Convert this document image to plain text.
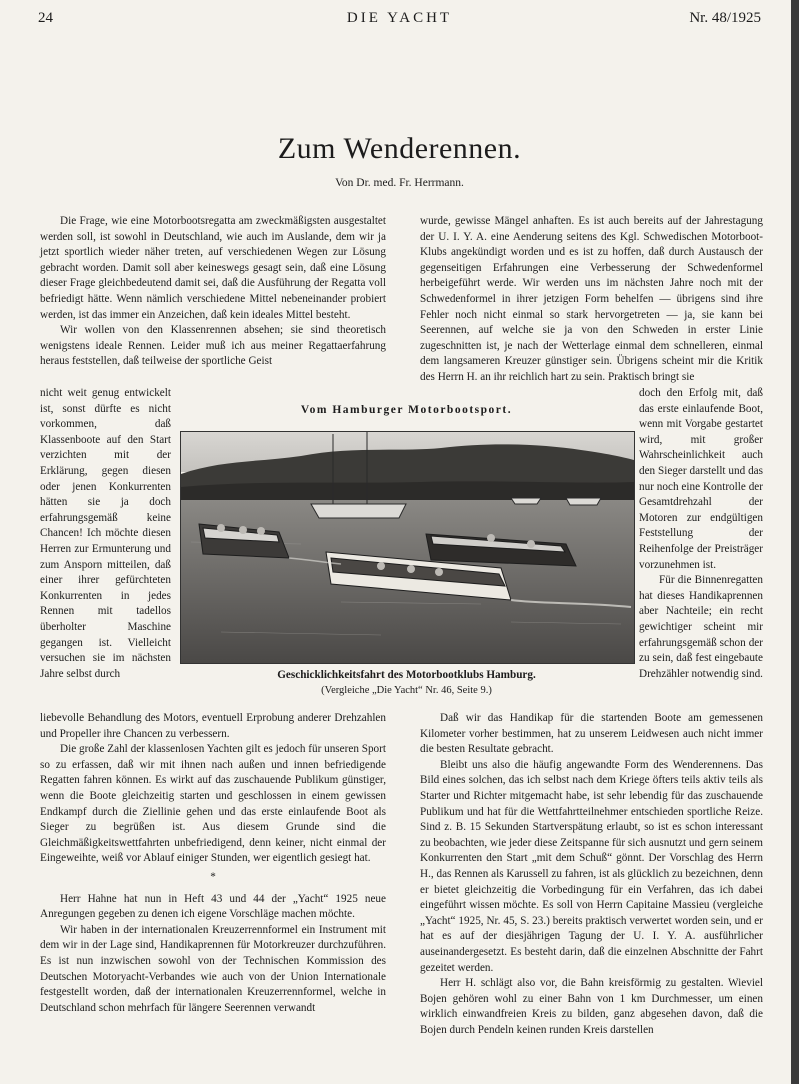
24	DIE YACHT	Nr. 48/1925
Zum Wenderennen.
Von Dr. med. Fr. Herrmann.

Die Frage, wie eine Motorbootsregatta am zweckmäßigsten ausgestaltet werden soll, ist sowohl in Deutschland, wie auch im Auslande, dem wir ja jetzt sportlich wieder näher treten, auf verschiedenen Wegen zur Lösung gebracht worden. Damit soll aber keineswegs gesagt sein, daß eine Lösung dieser Frage gleichbedeutend damit sei, daß die Ausführung der Regatta voll befriedigt hätte. Wenn nämlich verschiedene Mittel nebeneinander probiert werden, ist das immer ein Anzeichen, daß kein ideales Mittel besteht.

Wir wollen von den Klassenrennen absehen; sie sind theoretisch wenigstens ideale Rennen. Leider muß ich aus meiner Regattaerfahrung heraus feststellen, daß teilweise der sportliche Geist

nicht weit genug entwickelt ist, sonst dürfte es nicht vorkommen, daß Klassenboote auf den Start verzichten mit der Erklärung, gegen diesen oder jenen Konkurrenten hätten sie ja doch erfahrungsgemäß keine Chancen! Ich möchte diesen Herren zur Ermunterung und zum Ansporn mitteilen, daß einer ihrer gefürchteten Konkurrenten in jedes Rennen mit tadellos überholter Maschine gegangen ist. Vielleicht versuchen sie im nächsten Jahre selbst durch

liebevolle Behandlung des Motors, eventuell Erprobung anderer Drehzahlen und Propeller ihre Chancen zu verbessern.

Die große Zahl der klassenlosen Yachten gilt es jedoch für unseren Sport so zu erfassen, daß wir mit ihnen nach außen und innen befriedigende Regatten fahren können. Es wirkt auf das zuschauende Publikum günstiger, wenn die Boote gleichzeitig starten und geschlossen in einem gewissen Endkampf durch die Ziellinie gehen und das erste einlaufende Boot als Sieger zu begrüßen ist. Aus diesem Grunde sind die Gleichmäßigkeitswettfahrten unbefriedigend, denn keiner, nicht einmal der Eingeweihte, weiß vor Ablauf einiger Stunden, wer eigentlich gesiegt hat.

*

Herr Hahne hat nun in Heft 43 und 44 der „Yacht“ 1925 neue Anregungen gegeben zu denen ich eigene Vorschläge machen möchte.

Wir haben in der internationalen Kreuzerrennformel ein Instrument mit dem wir in der Lage sind, Handikaprennen für Motorkreuzer durchzuführen. Es ist nun inzwischen sowohl von der Technischen Kommission des Deutschen Motoryacht-Verbandes wie auch von der Union Internationale festgestellt worden, daß der internationalen Kreuzerrennformel, welche in Deutschland schon mehrfach für längere Seerennen verwandt

wurde, gewisse Mängel anhaften. Es ist auch bereits auf der Jahrestagung der U. I. Y. A. eine Aenderung seitens des Kgl. Schwedischen Motorboot-Klubs angekündigt worden und es ist zu hoffen, daß durch Austausch der gegenseitigen Erfahrungen eine Verbesserung der Schwedenformel herbeigeführt werde. Wir werden uns im nächsten Jahre noch mit der Schwedenformel in ihrer jetzigen Form behelfen — übrigens sind ihre Fehler noch nicht einmal so stark hervorgetreten — ja, sie kann bei Seerennen, auf welche sie ja von den Schweden in erster Linie zugeschnitten ist, je nach der Wetterlage einmal dem schnelleren, einmal dem langsameren Kreuzer günstiger sein. Übrigens scheint mir die Kritik des Herrn H. an ihr reichlich hart zu sein. Praktisch bringt sie

doch den Erfolg mit, daß das erste einlaufende Boot, wenn mit Vorgabe gestartet wird, mit großer Wahrscheinlichkeit auch den Sieger darstellt und das nur noch eine Kontrolle der Gesamtdrehzahl der Motoren zur endgültigen Feststellung der Reihenfolge der Preisträger vorzunehmen ist.

Für die Binnenregatten hat dieses Handikaprennen aber Nachteile; ein recht gewichtiger scheint mir erfahrungsgemäß schon der zu sein, daß fest eingebaute Drehzähler notwendig sind.

Daß wir das Handikap für die startenden Boote am gemessenen Kilometer vorher bestimmen, hat zu unserem Leidwesen auch nicht immer die besten Resultate gebracht.

Bleibt uns also die häufig angewandte Form des Wenderennens. Das Bild eines solchen, das ich selbst nach dem Kriege öfters teils aktiv teils als Starter und Richter mitgemacht habe, ist sehr lebendig für das zuschauende Publikum und hat für die Wettfahrtteilnehmer entschieden sportliche Reize. Sind z. B. 15 Sekunden Startverspätung erlaubt, so ist es schon interessant zu beobachten, wie jeder diese Zeitspanne für sich ausnutzt und gern seinem Konkurrenten den Start „mit dem Schuß“ gönnt. Der Vorschlag des Herrn H., das Rennen als Karussell zu fahren, ist als glücklich zu bezeichnen, denn er bietet gleichzeitig die Vorbedingung für ein Verfahren, das ich dabei eingeführt wissen möchte. Es soll von Herrn Capitaine Massieu (vergleiche „Yacht“ 1925, Nr. 45, S. 23.) bereits praktisch verwertet worden sein, und er hat es auf der diesjährigen Tagung der U. I. Y. A. ausführlicher auseinandergesetzt. Es besteht darin, daß die einzelnen Abschnitte der Fahrt gezeitet werden.

Herr H. schlägt also vor, die Bahn kreisförmig zu gestalten. Wieviel Bojen gehören wohl zu einer Bahn von 1 km Durchmesser, um einen wirklich einwandfreien Kreis zu bilden, ganz abgesehen davon, daß die Bojen durch Pendeln keinen runden Kreis darstellen

Vom Hamburger Motorbootsport.
Geschicklichkeitsfahrt des Motorbootklubs Hamburg.
(Vergleiche „Die Yacht“ Nr. 46, Seite 9.)
